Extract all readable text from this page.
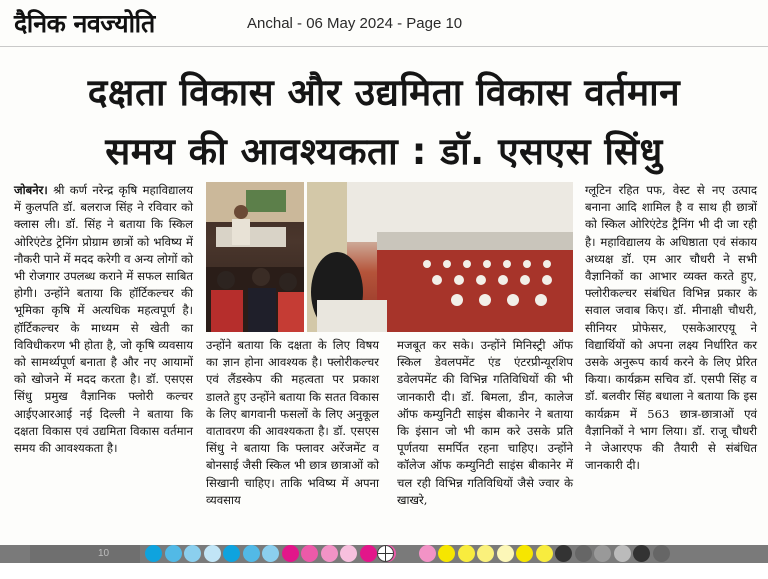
दैनिक नवज्योति	Anchal - 06 May 2024 - Page 10
दक्षता विकास और उद्यमिता विकास वर्तमान
समय की आवश्यकता : डॉ. एसएस सिंधु

जोबनेर। श्री कर्ण नरेन्द्र कृषि महाविद्यालय में कुलपति डॉ. बलराज सिंह ने रविवार को क्लास ली। डॉ. सिंह ने बताया कि स्किल ओरिएंटेड ट्रेनिंग प्रोग्राम छात्रों को भविष्य में नौकरी पाने में मदद करेगी व अन्य लोगों को भी रोजगार उपलब्ध कराने में सफल साबित होगी। उन्होंने बताया कि हॉर्टिकल्चर की भूमिका कृषि में अत्यधिक महत्वपूर्ण है। हॉर्टिकल्चर के माध्यम से खेती का विविधीकरण भी होता है, जो कृषि व्यवसाय को सामर्थ्यपूर्ण बनाता है और नए आयामों को खोजने में मदद करता है। डॉ. एसएस सिंधु प्रमुख वैज्ञानिक फ्लोरी कल्चर आईएआरआई नई दिल्ली ने बताया कि दक्षता विकास एवं उद्यमिता विकास वर्तमान समय की आवश्यकता है।

उन्होंने बताया कि दक्षता के लिए विषय का ज्ञान होना आवश्यक है। फ्लोरीकल्चर एवं लैंडस्केप की महत्वता पर प्रकाश डालते हुए उन्होंने बताया कि सतत विकास के लिए बागवानी फसलों के लिए अनुकूल वातावरण की आवश्यकता है। डॉ. एसएस सिंधु ने बताया कि फ्लावर अरेंजमेंट व बोनसाई जैसी स्किल भी छात्र छात्राओं को सिखानी चाहिए। ताकि भविष्य में अपना व्यवसाय

मजबूत कर सके। उन्होंने मिनिस्ट्री ऑफ स्किल डेवलपमेंट एंड एंटरप्रीन्यूरशिप डवेलपमेंट की विभिन्न गतिविधियों की भी जानकारी दी। डॉ. बिमला, डीन, कालेज ऑफ कम्युनिटी साइंस बीकानेर ने बताया कि इंसान जो भी काम करे उसके प्रति पूर्णतया समर्पित रहना चाहिए। उन्होंने कॉलेज ऑफ कम्युनिटी साइंस बीकानेर में चल रही विभिन्न गतिविधियों जैसे ज्वार के खाखरे,

ग्लूटिन रहित पफ, वेस्ट से नए उत्पाद बनाना आदि शामिल है व साथ ही छात्रों को स्किल ओरिएंटेड ट्रैनिंग भी दी जा रही है। महाविद्यालय के अधिष्ठाता एवं संकाय अध्यक्ष डॉ. एम आर चौधरी ने सभी वैज्ञानिकों का आभार व्यक्त करते हुए, फ्लोरीकल्चर संबंधित विभिन्न प्रकार के सवाल जवाब किए। डॉ. मीनाक्षी चौधरी, सीनियर प्रोफेसर, एसकेआरएयू ने विद्यार्थियों को अपना लक्ष्य निर्धारित कर उसके अनुरूप कार्य करने के लिए प्रेरित किया। कार्यक्रम सचिव डॉ. एसपी सिंह व डॉ. बलवीर सिंह बधाला ने बताया कि इस कार्यक्रम में 563 छात्र-छात्राओं एवं वैज्ञानिकों ने भाग लिया। डॉ. राजू चौधरी ने जेआरएफ की तैयारी से संबंधित जानकारी दी।

10
